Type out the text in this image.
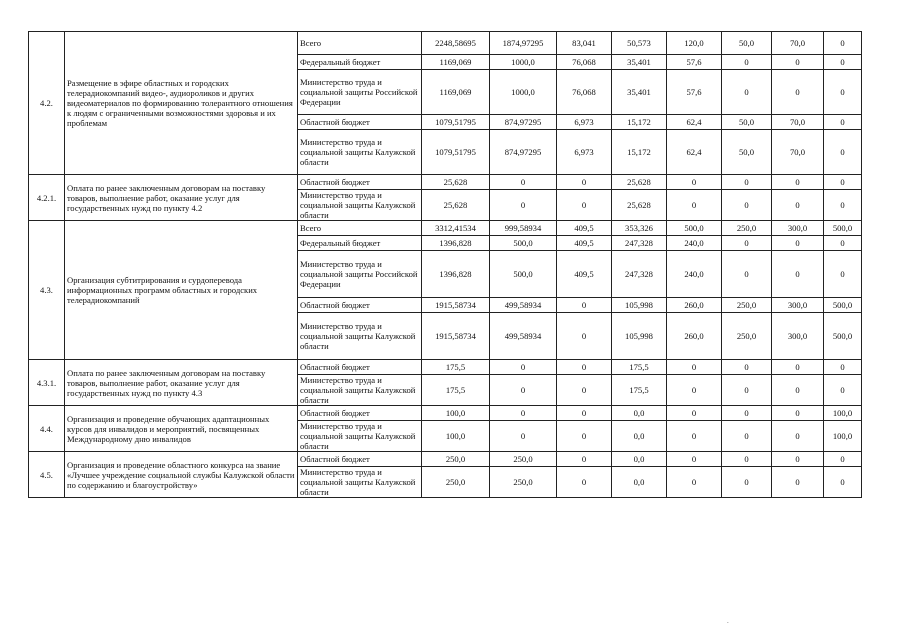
4.2.	Размещение в эфире областных и городских телерадиокомпаний видео-, аудиороликов и других видеоматериалов по формированию толерантного отношения к людям с ограниченными возможностями здоровья и их проблемам	Всего	2248,58695	1874,97295	83,041	50,573	120,0	50,0	70,0	0
		Федеральный бюджет	1169,069	1000,0	76,068	35,401	57,6	0	0	0
		Министерство труда и социальной защиты Российской Федерации	1169,069	1000,0	76,068	35,401	57,6	0	0	0
		Областной бюджет	1079,51795	874,97295	6,973	15,172	62,4	50,0	70,0	0
		Министерство труда и социальной защиты Калужской области	1079,51795	874,97295	6,973	15,172	62,4	50,0	70,0	0
4.2.1.	Оплата по ранее заключенным договорам на поставку товаров, выполнение работ, оказание услуг для государственных нужд по пункту 4.2	Областной бюджет	25,628	0	0	25,628	0	0	0	0
		Министерство труда и социальной защиты Калужской области	25,628	0	0	25,628	0	0	0	0
4.3.	Организация субтитрирования и сурдоперевода информационных программ областных и городских телерадиокомпаний	Всего	3312,41534	999,58934	409,5	353,326	500,0	250,0	300,0	500,0
		Федеральный бюджет	1396,828	500,0	409,5	247,328	240,0	0	0	0
		Министерство труда и социальной защиты Российской Федерации	1396,828	500,0	409,5	247,328	240,0	0	0	0
		Областной бюджет	1915,58734	499,58934	0	105,998	260,0	250,0	300,0	500,0
		Министерство труда и социальной защиты Калужской области	1915,58734	499,58934	0	105,998	260,0	250,0	300,0	500,0
4.3.1.	Оплата по ранее заключенным договорам на поставку товаров, выполнение работ, оказание услуг для государственных нужд по пункту 4.3	Областной бюджет	175,5	0	0	175,5	0	0	0	0
		Министерство труда и социальной защиты Калужской области	175,5	0	0	175,5	0	0	0	0
4.4.	Организация и проведение обучающих адаптационных курсов для инвалидов и мероприятий, посвященных Международному дню инвалидов	Областной бюджет	100,0	0	0	0,0	0	0	0	100,0
		Министерство труда и социальной защиты Калужской области	100,0	0	0	0,0	0	0	0	100,0
4.5.	Организация и проведение областного конкурса на звание «Лучшее учреждение социальной службы Калужской области по содержанию и благоустройству»	Областной бюджет	250,0	250,0	0	0,0	0	0	0	0
		Министерство труда и социальной защиты Калужской области	250,0	250,0	0	0,0	0	0	0	0
.
